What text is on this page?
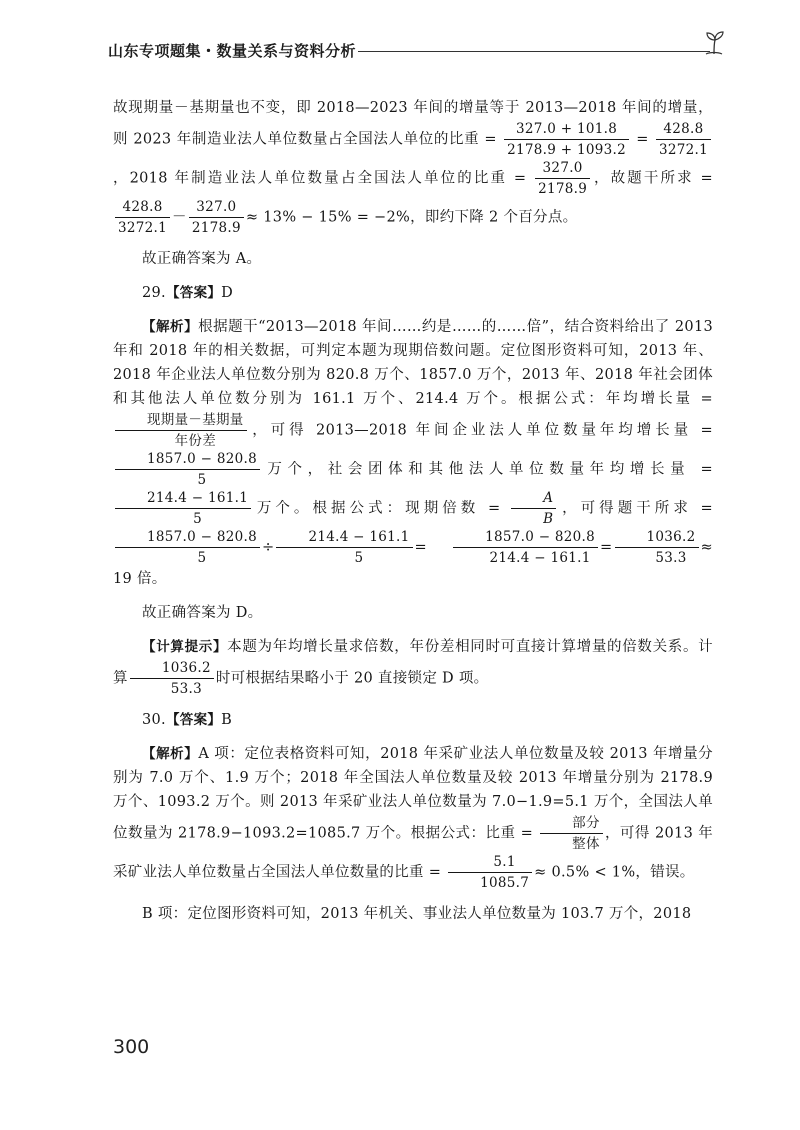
山东专项题集・数量关系与资料分析

故现期量－基期量也不变，即 2018—2023 年间的增量等于 2013—2018 年间的增量，则 2023 年制造业法人单位数量占全国法人单位的比重 = $\frac{327.0 + 101.8}{2178.9 + 1093.2} = \frac{428.8}{3272.1}$
，2018 年制造业法人单位数量占全国法人单位的比重 = $\frac{327.0}{2178.9}$ ，故题干所求 =
$\frac{428.8}{3272.1} - \frac{327.0}{2178.9} \approx 13\% - 15\% = -2\%$，即约下降 2 个百分点。

故正确答案为 A。

29.【答案】D

【解析】根据题干“2013—2018 年间……约是……的……倍”，结合资料给出了 2013 年和 2018 年的相关数据，可判定本题为现期倍数问题。定位图形资料可知，2013 年、2018 年企业法人单位数分别为 820.8 万个、1857.0 万个，2013 年、2018 年社会团体和其他法人单位数分别为 161.1 万个、214.4 万个。根据公式：年均增长量 =
$\frac{\text{现期量－基期量}}{\text{年份差}}$ ，可得 2013—2018 年间企业法人单位数量年均增长量 =
$\frac{1857.0 - 820.8}{5}$ 万个，社会团体和其他法人单位数量年均增长量 =
$\frac{214.4 - 161.1}{5}$ 万个。根据公式：现期倍数 = $\frac{A}{B}$ ，可得题干所求 =
$\frac{1857.0 - 820.8}{5} \div \frac{214.4 - 161.1}{5} = \frac{1857.0 - 820.8}{214.4 - 161.1} = \frac{1036.2}{53.3} \approx 19$ 倍。

故正确答案为 D。

【计算提示】本题为年均增长量求倍数，年份差相同时可直接计算增量的倍数关系。计算 $\frac{1036.2}{53.3}$ 时可根据结果略小于 20 直接锁定 D 项。

30.【答案】B

【解析】A 项：定位表格资料可知，2018 年采矿业法人单位数量及较 2013 年增量分别为 7.0 万个、1.9 万个；2018 年全国法人单位数量及较 2013 年增量分别为 2178.9 万个、1093.2 万个。则 2013 年采矿业法人单位数量为 7.0−1.9=5.1 万个，全国法人单位数量为 2178.9−1093.2=1085.7 万个。根据公式：比重 = $\frac{\text{部分}}{\text{整体}}$ ，可得 2013 年采矿业法人单位数量占全国法人单位数量的比重 = $\frac{5.1}{1085.7} \approx 0.5\% < 1\%$，错误。

B 项：定位图形资料可知，2013 年机关、事业法人单位数量为 103.7 万个，2018

300
